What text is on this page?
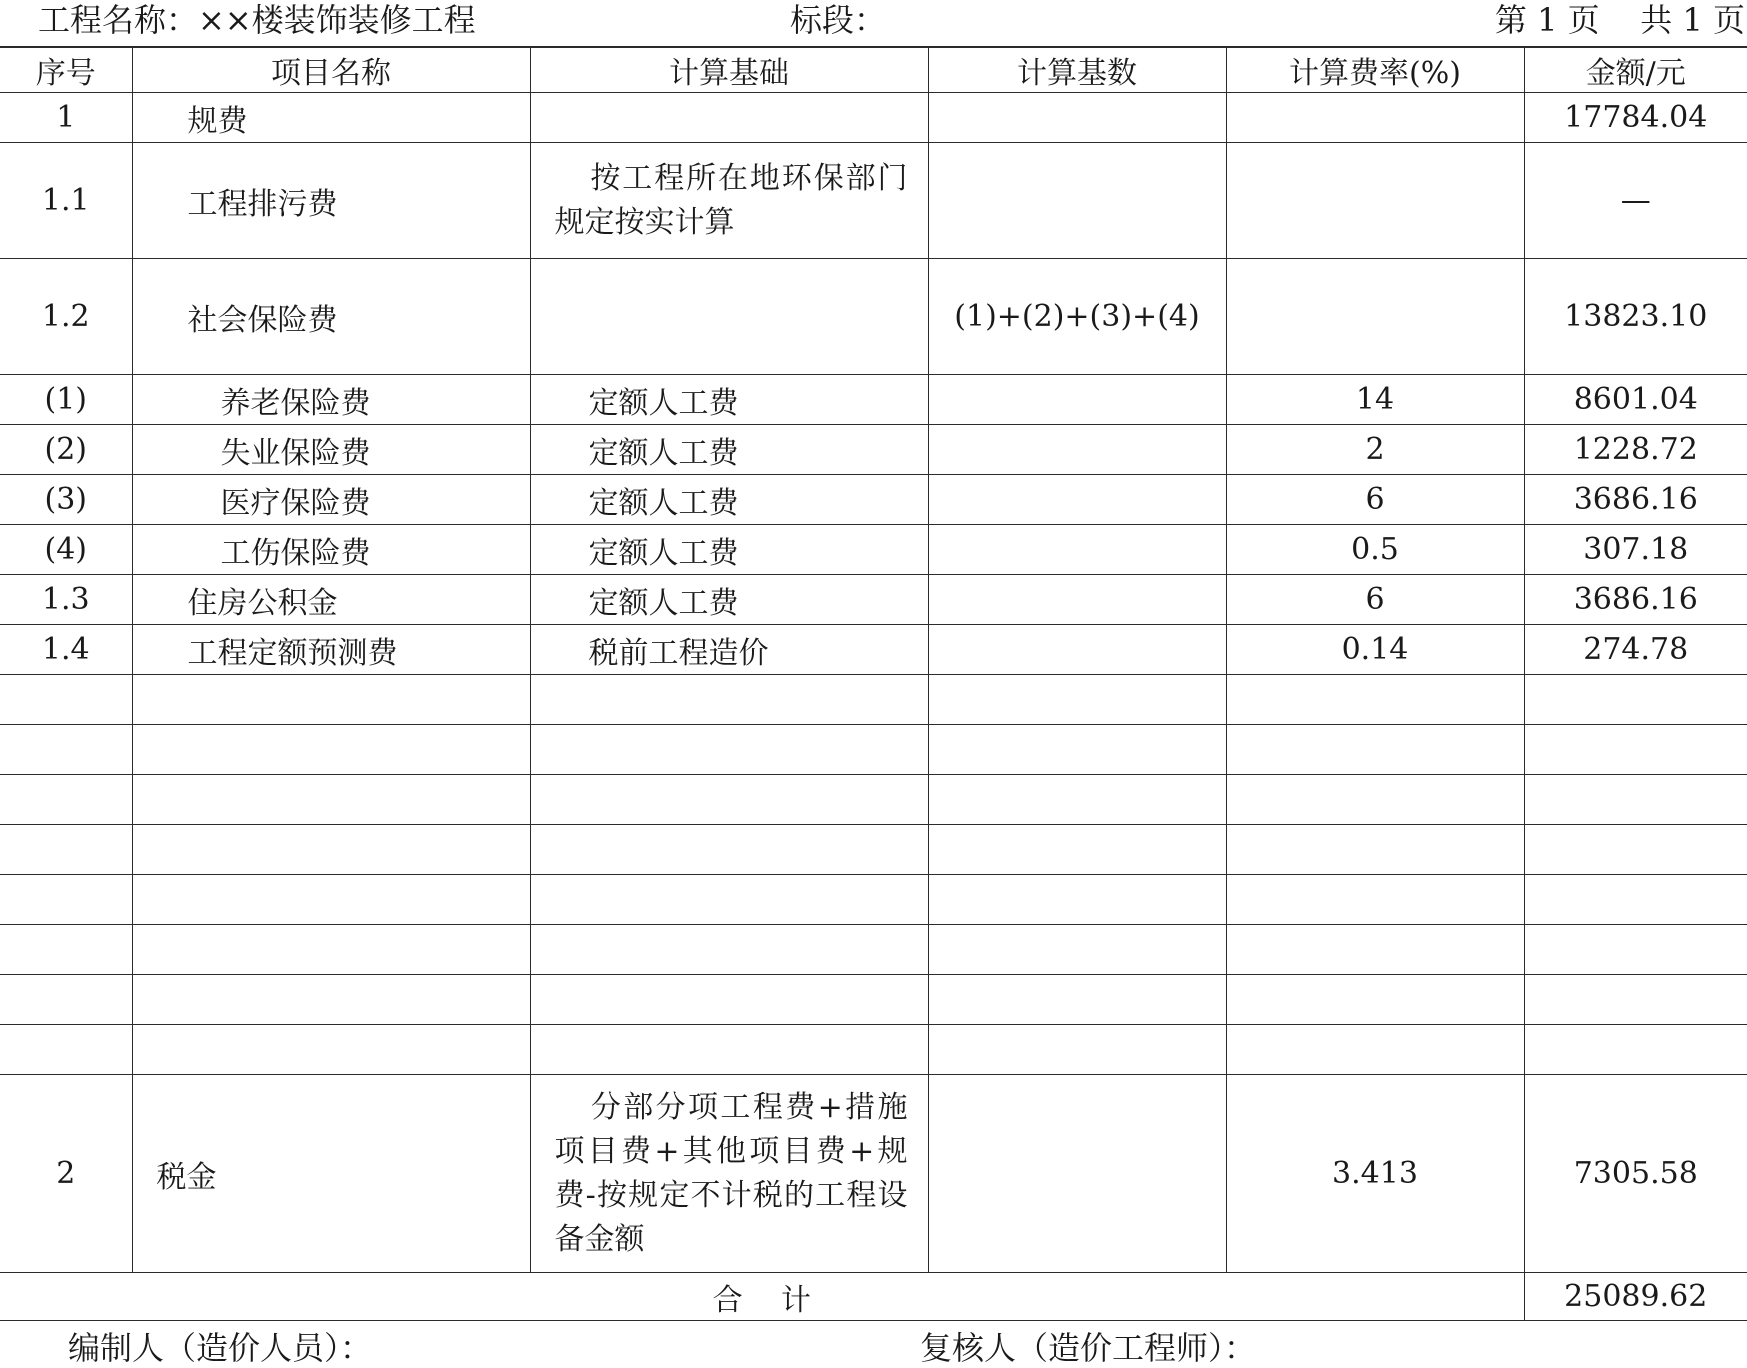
工程名称：××楼装饰装修工程	标段：	第 1 页    共 1 页
序号	项目名称	计算基础	计算基数	计算费率(%)	金额/元
1	规费				17784.04
1.1	工程排污费	按工程所在地环保部门规定按实计算			—
1.2	社会保险费		(1)+(2)+(3)+(4)		13823.10
(1)	养老保险费	定额人工费		14	8601.04
(2)	失业保险费	定额人工费		2	1228.72
(3)	医疗保险费	定额人工费		6	3686.16
(4)	工伤保险费	定额人工费		0.5	307.18
1.3	住房公积金	定额人工费		6	3686.16
1.4	工程定额预测费	税前工程造价		0.14	274.78

2	税金	分部分项工程费+措施项目费+其他项目费+规费-按规定不计税的工程设备金额		3.413	7305.58
合    计					25089.62
编制人（造价人员）：	复核人（造价工程师）：
